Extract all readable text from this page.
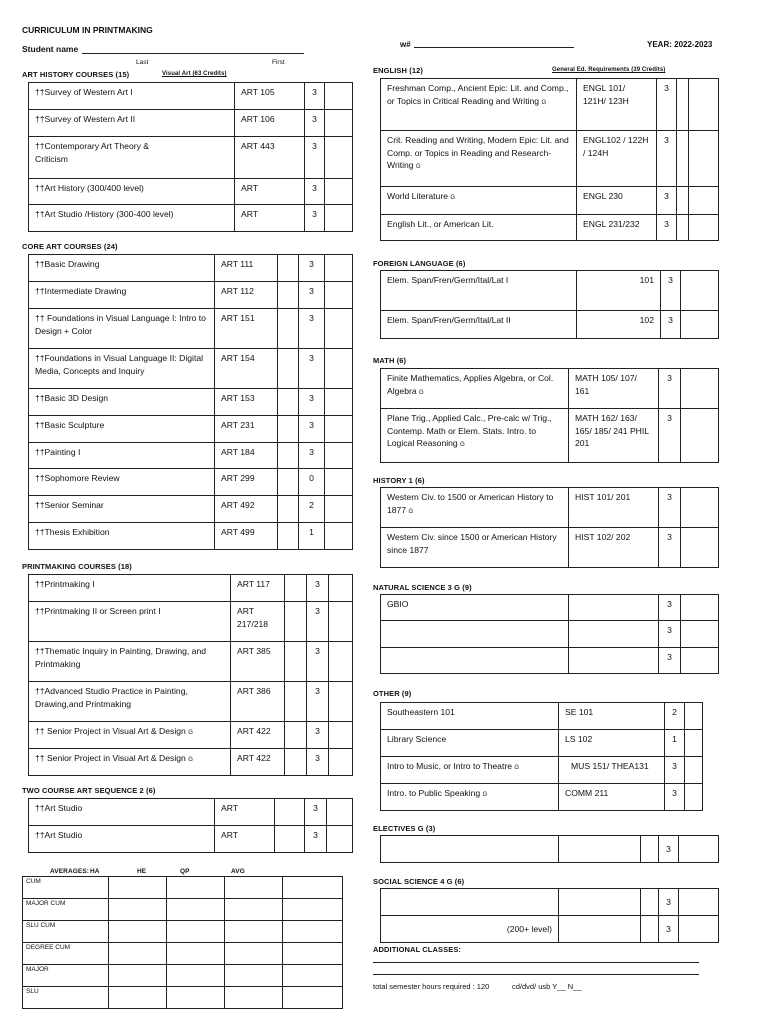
CURRICULUM IN PRINTMAKING
Student name
Last	First
w#	YEAR: 2022-2023
ART HISTORY COURSES (15)	Visual Art (63 Credits)
††Survey of Western Art I	ART 105	3	
††Survey of Western Art II	ART 106	3	
††Contemporary Art Theory & Criticism	ART 443	3	
††Art History (300/400 level)	ART	3	
††Art Studio /History (300-400 level)	ART	3	
CORE ART COURSES (24)
††Basic Drawing	ART 111		3	
††Intermediate Drawing	ART 112		3	
†† Foundations in Visual Language I: Intro to Design + Color	ART 151		3	
††Foundations in Visual Language II: Digital Media, Concepts and Inquiry	ART 154		3	
††Basic 3D Design	ART 153		3	
††Basic Sculpture	ART 231		3	
††Painting I	ART 184		3	
††Sophomore Review	ART 299		0	
††Senior Seminar	ART 492		2	
††Thesis Exhibition	ART 499		1	
PRINTMAKING COURSES (18)
††Printmaking I	ART 117		3	
††Printmaking II or Screen print I	ART 217/218		3	
††Thematic Inquiry in Painting, Drawing, and Printmaking	ART 385		3	
††Advanced Studio Practice in Painting, Drawing,and Printmaking	ART 386		3	
†† Senior Project in Visual Art & Design G	ART 422		3	
†† Senior Project in Visual Art & Design G	ART 422		3	
TWO COURSE ART SEQUENCE 2 (6)
††Art Studio	ART		3	
††Art Studio	ART		3	
AVERAGES: HA	HE	QP	AVG
CUM				
MAJOR CUM				
SLU CUM				
DEGREE CUM				
MAJOR				
SLU				
ENGLISH (12)	General Ed. Requirements (39 Credits)
Freshman Comp., Ancient Epic: Lit. and Comp., or Topics in Critical Reading and Writing G	ENGL 101/ 121H/ 123H	3		
Crit. Reading and Writing, Modern Epic: Lit. and Comp. or Topics in Reading and Research-Writing G	ENGL102 / 122H / 124H	3		
World Literature G	ENGL 230	3		
English Lit., or American Lit.	ENGL 231/232	3		
FOREIGN LANGUAGE (6)
Elem. Span/Fren/Germ/Ital/Lat I	101	3	
Elem. Span/Fren/Germ/Ital/Lat II	102	3	
MATH (6)
Finite Mathematics, Applies Algebra, or Col. Algebra G	MATH 105/ 107/ 161	3	
Plane Trig., Applied Calc., Pre-calc w/ Trig., Contemp. Math or Elem. Stats. Intro. to Logical Reasoning G	MATH 162/ 163/ 165/ 185/ 241 PHIL 201	3	
HISTORY 1 (6)
Western Civ. to 1500 or American History to 1877 G	HIST 101/ 201	3	
Western Civ. since 1500 or American History since 1877	HIST 102/ 202	3	
NATURAL SCIENCE 3 G (9)
GBIO		3	
		3	
		3	
OTHER (9)
Southeastern 101	SE 101	2	
Library Science	LS 102	1	
Intro to Music, or Intro to Theatre G	MUS 151/ THEA131	3	
Intro. to Public Speaking G	COMM 211	3	
ELECTIVES G (3)
			3	
SOCIAL SCIENCE 4 G (6)
			3	
(200+ level)			3	
ADDITIONAL CLASSES:
total semester hours required : 120	cd/dvd/ usb Y__ N__
